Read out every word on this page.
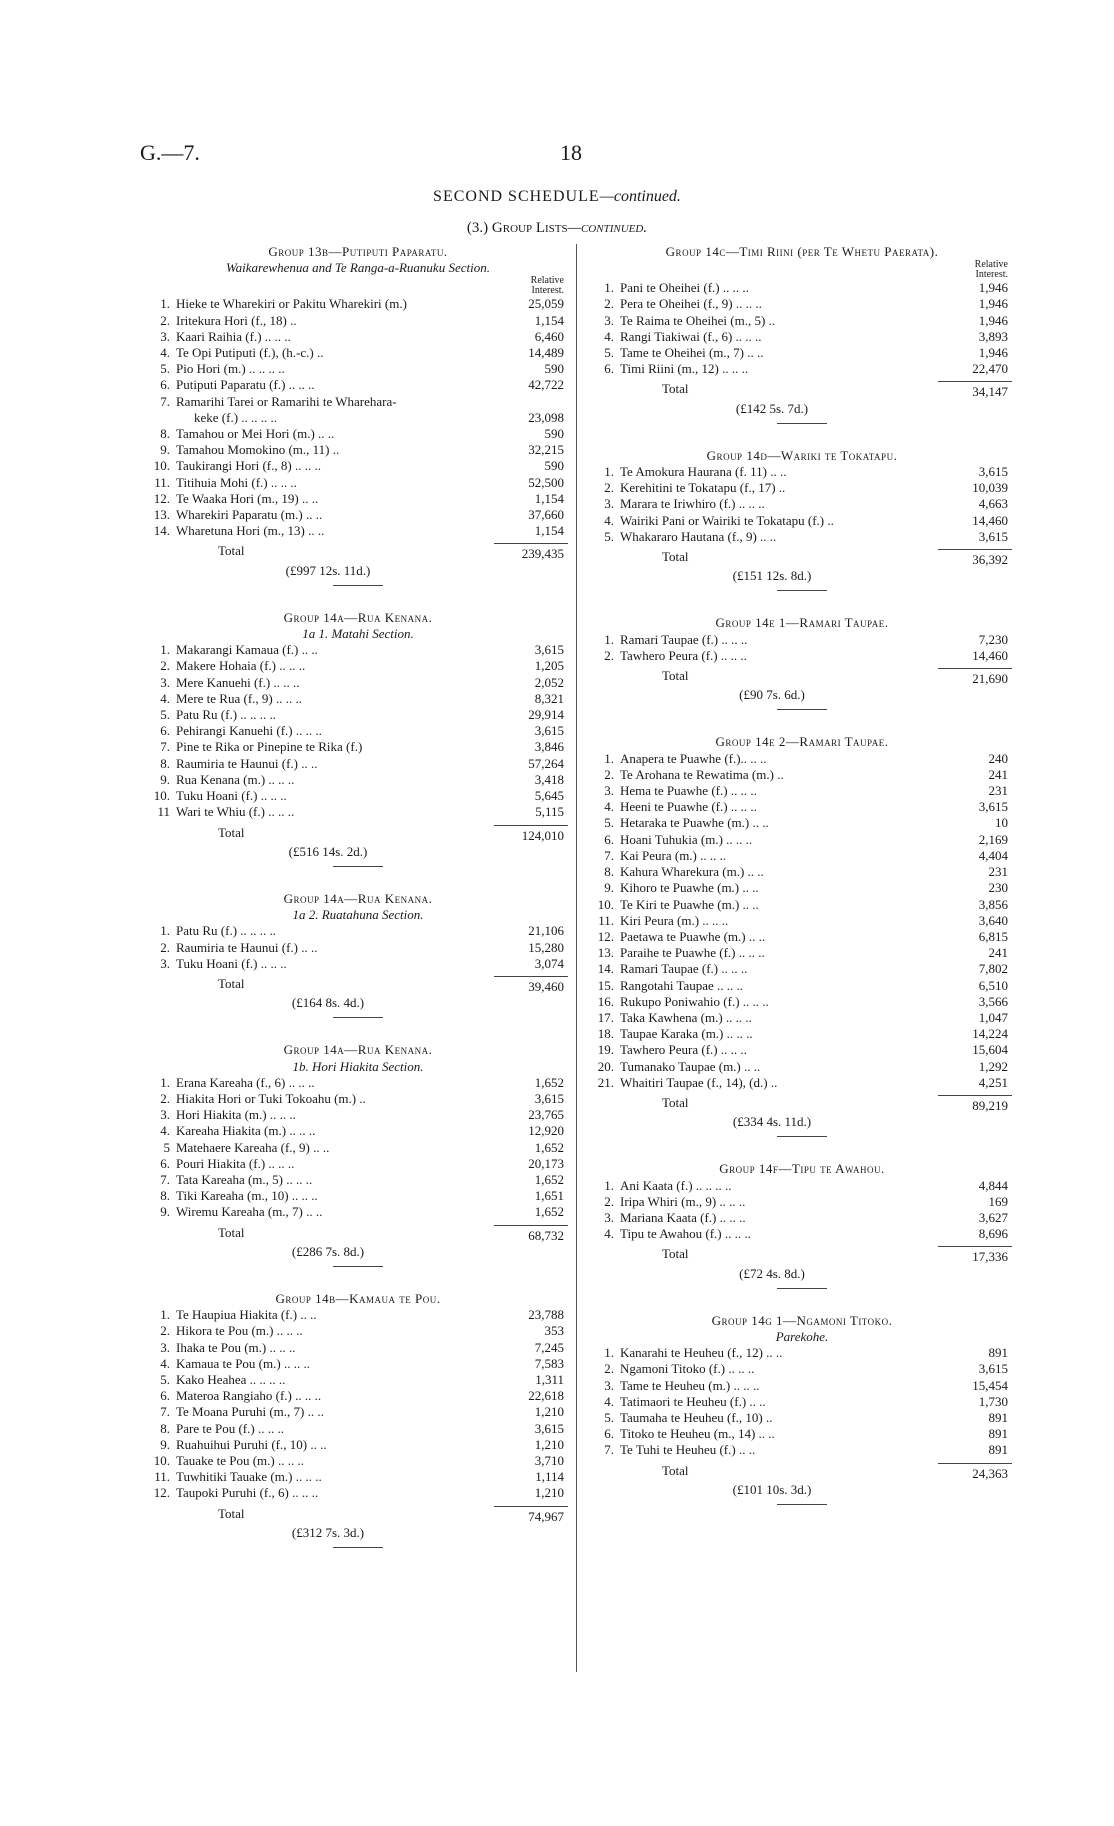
G.—7.	18
SECOND SCHEDULE—continued.
(3.) Group Lists—continued.
Group 13b—Putiputi Paparatu.
Waikarewhenua and Te Ranga-a-Ruanuku Section.
Relative
Interest.
1. Hieke te Wharekiri or Pakitu Wharekiri (m.)	25,059
2. Iritekura Hori (f., 18) ..	1,154
3. Kaari Raihia (f.) .. .. ..	6,460
4. Te Opi Putiputi (f.), (h.-c.) ..	14,489
5. Pio Hori (m.) .. .. .. ..	590
6. Putiputi Paparatu (f.) .. .. ..	42,722
7. Ramarihi Tarei or Ramarihi te Wharehara-
keke (f.) .. .. .. ..	23,098
8. Tamahou or Mei Hori (m.) .. ..	590
9. Tamahou Momokino (m., 11) ..	32,215
10. Taukirangi Hori (f., 8) .. .. ..	590
11. Titihuia Mohi (f.) .. .. ..	52,500
12. Te Waaka Hori (m., 19) .. ..	1,154
13. Wharekiri Paparatu (m.) .. ..	37,660
14. Wharetuna Hori (m., 13) .. ..	1,154
Total	239,435
(£997 12s. 11d.)
Group 14a—Rua Kenana.
1a 1. Matahi Section.
1. Makarangi Kamaua (f.) .. ..	3,615
2. Makere Hohaia (f.) .. .. ..	1,205
3. Mere Kanuehi (f.) .. .. ..	2,052
4. Mere te Rua (f., 9) .. .. ..	8,321
5. Patu Ru (f.) .. .. .. ..	29,914
6. Pehirangi Kanuehi (f.) .. .. ..	3,615
7. Pine te Rika or Pinepine te Rika (f.)	3,846
8. Raumiria te Haunui (f.) .. ..	57,264
9. Rua Kenana (m.) .. .. ..	3,418
10. Tuku Hoani (f.) .. .. ..	5,645
11 Wari te Whiu (f.) .. .. ..	5,115
Total	124,010
(£516 14s. 2d.)
Group 14a—Rua Kenana.
1a 2. Ruatahuna Section.
1. Patu Ru (f.) .. .. .. ..	21,106
2. Raumiria te Haunui (f.) .. ..	15,280
3. Tuku Hoani (f.) .. .. ..	3,074
Total	39,460
(£164 8s. 4d.)
Group 14a—Rua Kenana.
1b. Hori Hiakita Section.
1. Erana Kareaha (f., 6) .. .. ..	1,652
2. Hiakita Hori or Tuki Tokoahu (m.) ..	3,615
3. Hori Hiakita (m.) .. .. ..	23,765
4. Kareaha Hiakita (m.) .. .. ..	12,920
5 Matehaere Kareaha (f., 9) .. ..	1,652
6. Pouri Hiakita (f.) .. .. ..	20,173
7. Tata Kareaha (m., 5) .. .. ..	1,652
8. Tiki Kareaha (m., 10) .. .. ..	1,651
9. Wiremu Kareaha (m., 7) .. ..	1,652
Total	68,732
(£286 7s. 8d.)
Group 14b—Kamaua te Pou.
1. Te Haupiua Hiakita (f.) .. ..	23,788
2. Hikora te Pou (m.) .. .. ..	353
3. Ihaka te Pou (m.) .. .. ..	7,245
4. Kamaua te Pou (m.) .. .. ..	7,583
5. Kako Heahea .. .. .. ..	1,311
6. Materoa Rangiaho (f.) .. .. ..	22,618
7. Te Moana Puruhi (m., 7) .. ..	1,210
8. Pare te Pou (f.) .. .. ..	3,615
9. Ruahuihui Puruhi (f., 10) .. ..	1,210
10. Tauake te Pou (m.) .. .. ..	3,710
11. Tuwhitiki Tauake (m.) .. .. ..	1,114
12. Taupoki Puruhi (f., 6) .. .. ..	1,210
Total	74,967
(£312 7s. 3d.)
Group 14c—Timi Riini (per Te Whetu Paerata).
Relative
Interest.
1. Pani te Oheihei (f.) .. .. ..	1,946
2. Pera te Oheihei (f., 9) .. .. ..	1,946
3. Te Raima te Oheihei (m., 5) ..	1,946
4. Rangi Tiakiwai (f., 6) .. .. ..	3,893
5. Tame te Oheihei (m., 7) .. ..	1,946
6. Timi Riini (m., 12) .. .. ..	22,470
Total	34,147
(£142 5s. 7d.)
Group 14d—Wariki te Tokatapu.
1. Te Amokura Haurana (f. 11) .. ..	3,615
2. Kerehitini te Tokatapu (f., 17) ..	10,039
3. Marara te Iriwhiro (f.) .. .. ..	4,663
4. Wairiki Pani or Wairiki te Tokatapu (f.) ..	14,460
5. Whakararo Hautana (f., 9) .. ..	3,615
Total	36,392
(£151 12s. 8d.)
Group 14e 1—Ramari Taupae.
1. Ramari Taupae (f.) .. .. ..	7,230
2. Tawhero Peura (f.) .. .. ..	14,460
Total	21,690
(£90 7s. 6d.)
Group 14e 2—Ramari Taupae.
1. Anapera te Puawhe (f.).. .. ..	240
2. Te Arohana te Rewatima (m.) ..	241
3. Hema te Puawhe (f.) .. .. ..	231
4. Heeni te Puawhe (f.) .. .. ..	3,615
5. Hetaraka te Puawhe (m.) .. ..	10
6. Hoani Tuhukia (m.) .. .. ..	2,169
7. Kai Peura (m.) .. .. ..	4,404
8. Kahura Wharekura (m.) .. ..	231
9. Kihoro te Puawhe (m.) .. ..	230
10. Te Kiri te Puawhe (m.) .. ..	3,856
11. Kiri Peura (m.) .. .. ..	3,640
12. Paetawa te Puawhe (m.) .. ..	6,815
13. Paraihe te Puawhe (f.) .. .. ..	241
14. Ramari Taupae (f.) .. .. ..	7,802
15. Rangotahi Taupae .. .. ..	6,510
16. Rukupo Poniwahio (f.) .. .. ..	3,566
17. Taka Kawhena (m.) .. .. ..	1,047
18. Taupae Karaka (m.) .. .. ..	14,224
19. Tawhero Peura (f.) .. .. ..	15,604
20. Tumanako Taupae (m.) .. ..	1,292
21. Whaitiri Taupae (f., 14), (d.) ..	4,251
Total	89,219
(£334 4s. 11d.)
Group 14f—Tipu te Awahou.
1. Ani Kaata (f.) .. .. .. ..	4,844
2. Iripa Whiri (m., 9) .. .. ..	169
3. Mariana Kaata (f.) .. .. ..	3,627
4. Tipu te Awahou (f.) .. .. ..	8,696
Total	17,336
(£72 4s. 8d.)
Group 14g 1—Ngamoni Titoko.
Parekohe.
1. Kanarahi te Heuheu (f., 12) .. ..	891
2. Ngamoni Titoko (f.) .. .. ..	3,615
3. Tame te Heuheu (m.) .. .. ..	15,454
4. Tatimaori te Heuheu (f.) .. ..	1,730
5. Taumaha te Heuheu (f., 10) ..	891
6. Titoko te Heuheu (m., 14) .. ..	891
7. Te Tuhi te Heuheu (f.) .. ..	891
Total	24,363
(£101 10s. 3d.)
